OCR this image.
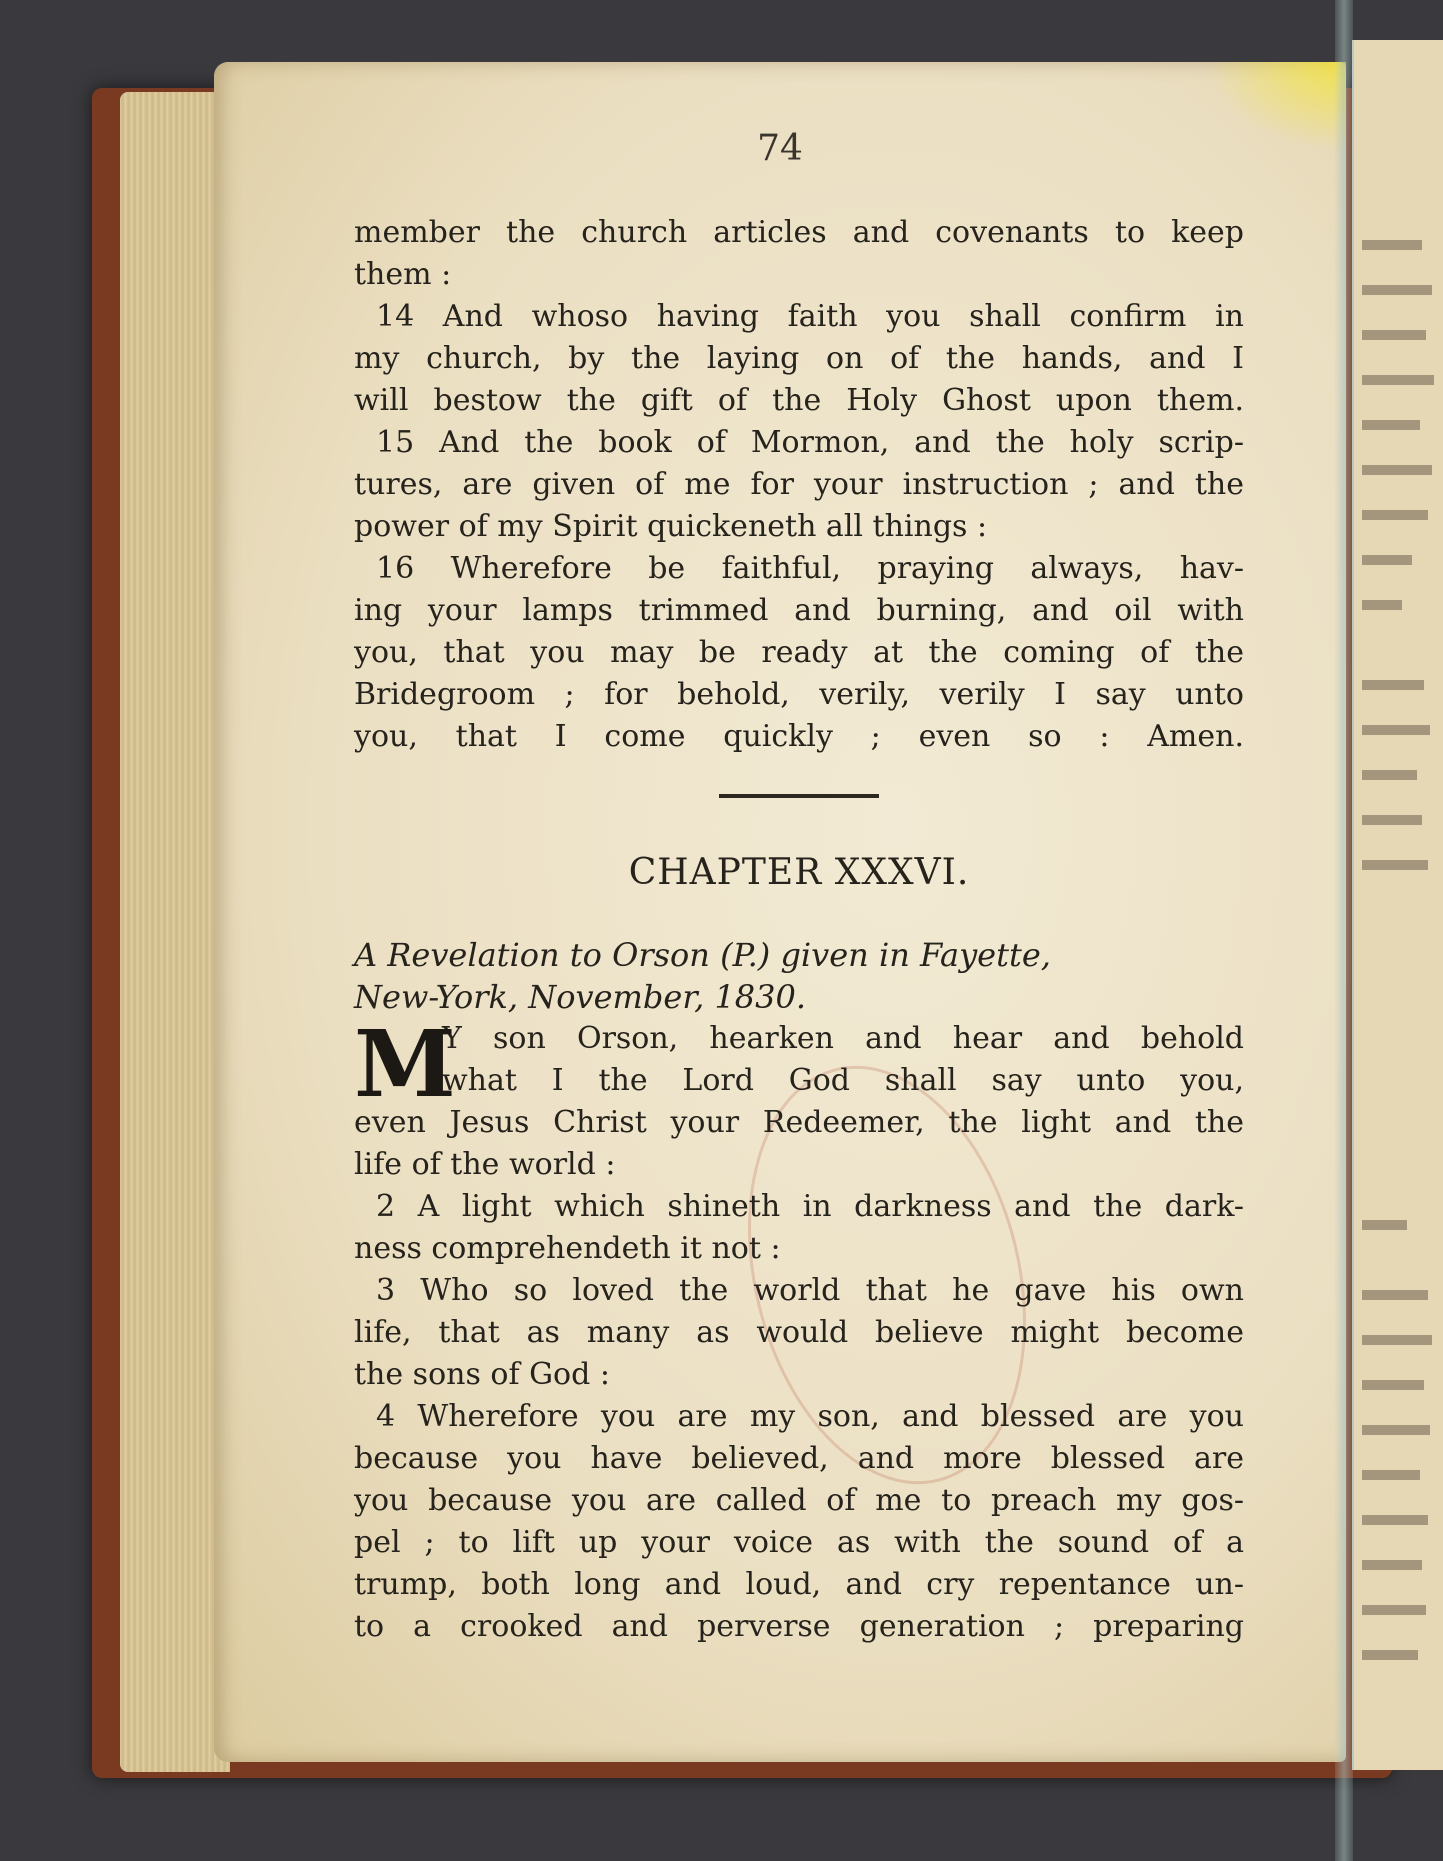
74
member the church articles and covenants to keep
them :
14 And whoso having faith you shall confirm in
my church, by the laying on of the hands, and I
will bestow the gift of the Holy Ghost upon them.
15 And the book of Mormon, and the holy scrip-
tures, are given of me for your instruction ; and the
power of my Spirit quickeneth all things :
16 Wherefore be faithful, praying always, hav-
ing your lamps trimmed and burning, and oil with
you, that you may be ready at the coming of the
Bridegroom ; for behold, verily, verily I say unto
you, that I come quickly ; even so : Amen.
CHAPTER XXXVI.
A Revelation to Orson (P.) given in Fayette,
New-York, November, 1830.
M
Y son Orson, hearken and hear and behold
what I the Lord God shall say unto you,
even Jesus Christ your Redeemer, the light and the
life of the world :
2 A light which shineth in darkness and the dark-
ness comprehendeth it not :
3 Who so loved the world that he gave his own
life, that as many as would believe might become
the sons of God :
4 Wherefore you are my son, and blessed are you
because you have believed, and more blessed are
you because you are called of me to preach my gos-
pel ; to lift up your voice as with the sound of a
trump, both long and loud, and cry repentance un-
to a crooked and perverse generation ; preparing
